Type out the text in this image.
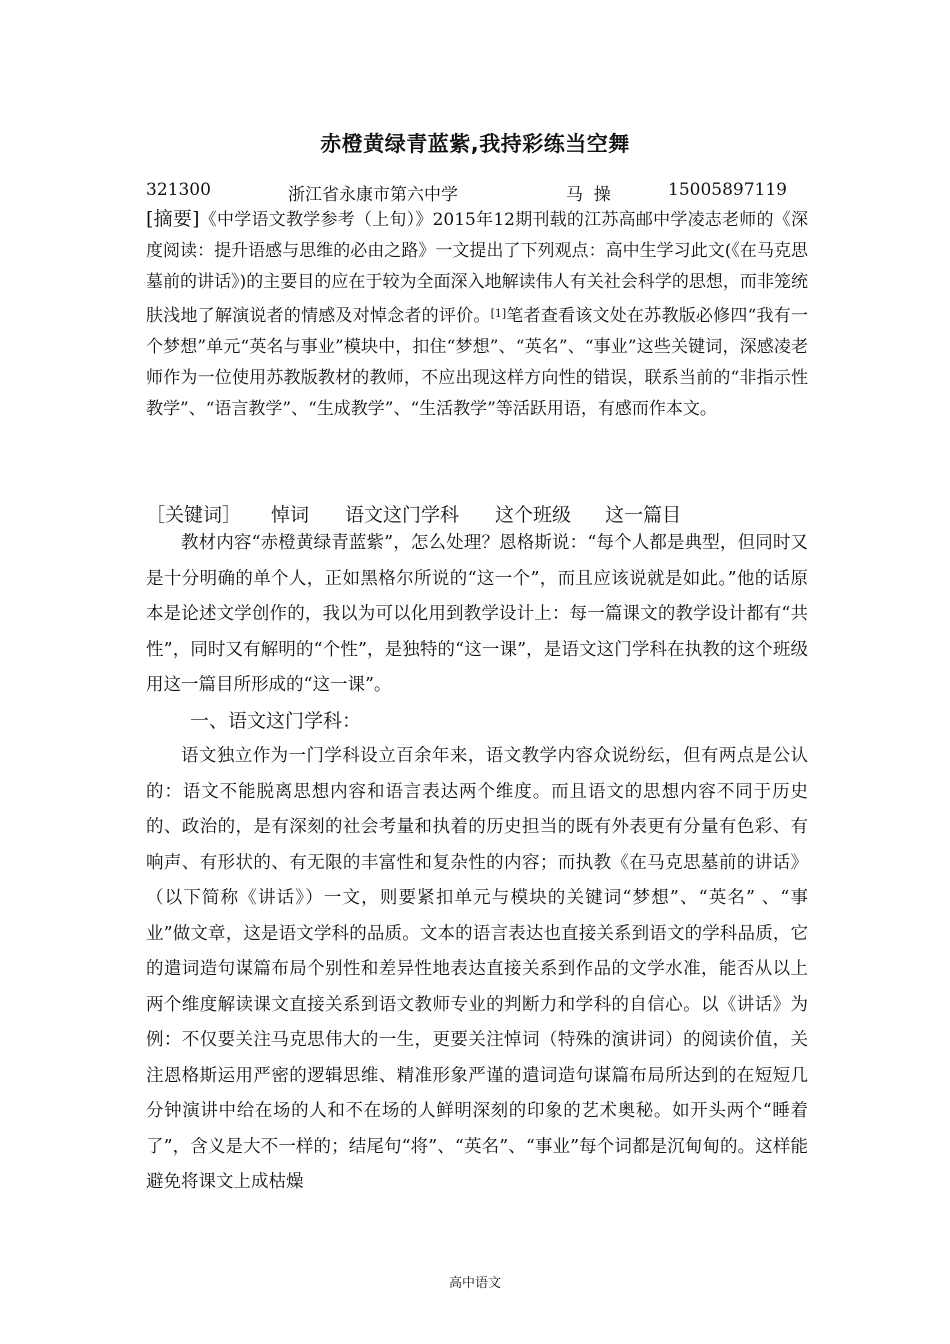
赤橙黄绿青蓝紫,我持彩练当空舞
321300	浙江省永康市第六中学	马  操	15005897119

[摘要]《中学语文教学参考（上旬）》2015年12期刊载的江苏高邮中学凌志老师的《深度阅读：提升语感与思维的必由之路》一文提出了下列观点：高中生学习此文(《在马克思墓前的讲话》)的主要目的应在于较为全面深入地解读伟人有关社会科学的思想，而非笼统肤浅地了解演说者的情感及对悼念者的评价。[1]笔者查看该文处在苏教版必修四“我有一个梦想”单元“英名与事业”模块中，扣住“梦想”、“英名”、“事业”这些关键词，深感凌老师作为一位使用苏教版教材的教师，不应出现这样方向性的错误，联系当前的“非指示性教学”、“语言教学”、“生成教学”、“生活教学”等活跃用语，有感而作本文。

［关键词］ 悼词 语文这门学科 这个班级 这一篇目

教材内容“赤橙黄绿青蓝紫”，怎么处理？恩格斯说：“每个人都是典型，但同时又是十分明确的单个人，正如黑格尔所说的“这一个”，而且应该说就是如此。”他的话原本是论述文学创作的，我以为可以化用到教学设计上：每一篇课文的教学设计都有“共性”，同时又有解明的“个性”，是独特的“这一课”，是语文这门学科在执教的这个班级用这一篇目所形成的“这一课”。

一、语文这门学科：

语文独立作为一门学科设立百余年来，语文教学内容众说纷纭，但有两点是公认的：语文不能脱离思想内容和语言表达两个维度。而且语文的思想内容不同于历史的、政治的，是有深刻的社会考量和执着的历史担当的既有外表更有分量有色彩、有响声、有形状的、有无限的丰富性和复杂性的内容；而执教《在马克思墓前的讲话》（以下简称《讲话》）一文，则要紧扣单元与模块的关键词“梦想”、“英名” 、“事业”做文章，这是语文学科的品质。文本的语言表达也直接关系到语文的学科品质，它的遣词造句谋篇布局个别性和差异性地表达直接关系到作品的文学水准，能否从以上两个维度解读课文直接关系到语文教师专业的判断力和学科的自信心。以《讲话》为例：不仅要关注马克思伟大的一生，更要关注悼词（特殊的演讲词）的阅读价值，关注恩格斯运用严密的逻辑思维、精准形象严谨的遣词造句谋篇布局所达到的在短短几分钟演讲中给在场的人和不在场的人鲜明深刻的印象的艺术奥秘。如开头两个“睡着了”，含义是大不一样的；结尾句“将”、“英名”、“事业”每个词都是沉甸甸的。这样能避免将课文上成枯燥

高中语文
